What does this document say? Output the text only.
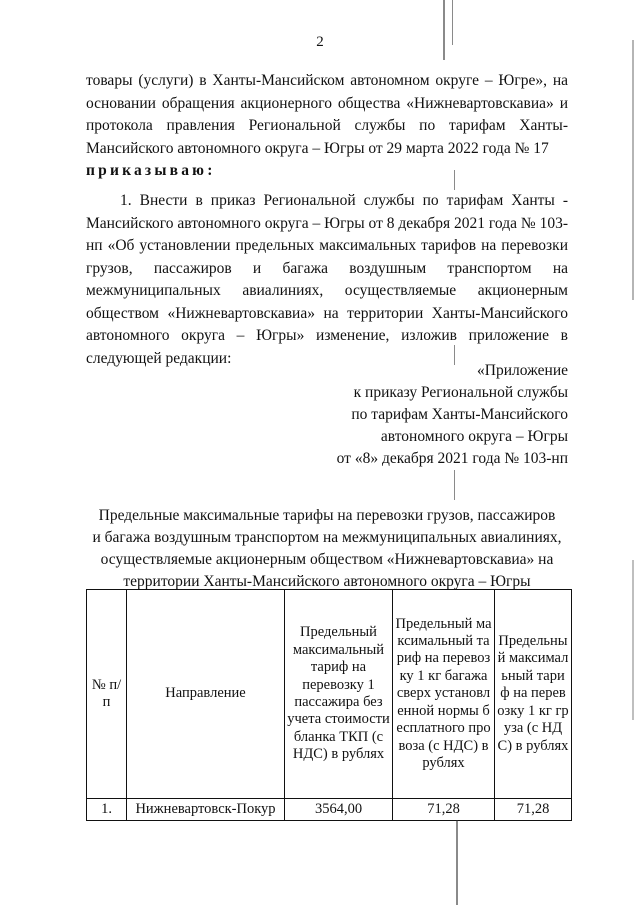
2
товары (услуги) в Ханты-Мансийском автономном округе – Югре», на основании обращения акционерного общества «Нижневартовскавиа» и протокола правления Региональной службы по тарифам Ханты-Мансийского автономного округа – Югры от 29 марта 2022 года № 17
приказываю:
1. Внести в приказ Региональной службы по тарифам Ханты - Мансийского автономного округа – Югры от 8 декабря 2021 года № 103-нп «Об установлении предельных максимальных тарифов на перевозки грузов, пассажиров и багажа воздушным транспортом на межмуниципальных авиалиниях, осуществляемые акционерным обществом «Нижневартовскавиа» на территории Ханты-Мансийского автономного округа – Югры» изменение, изложив приложение в следующей редакции:
«Приложение
к приказу Региональной службы
по тарифам Ханты-Мансийского
автономного округа – Югры
от «8» декабря 2021 года № 103-нп
Предельные максимальные тарифы на перевозки грузов, пассажиров
и багажа воздушным транспортом на межмуниципальных авиалиниях,
осуществляемые акционерным обществом «Нижневартовскавиа» на
территории Ханты-Мансийского автономного округа – Югры
№ п/п	Направление	Предельный максимальный тариф на перевозку 1 пассажира без учета стоимости бланка ТКП (с НДС) в рублях	Предельный максимальный тариф на перевозку 1 кг багажа сверх установленной нормы бесплатного провоза (с НДС) в рублях	Предельный максимальный тариф на перевозку 1 кг груза (с НДС) в рублях
1.	Нижневартовск-Покур	3564,00	71,28	71,28
